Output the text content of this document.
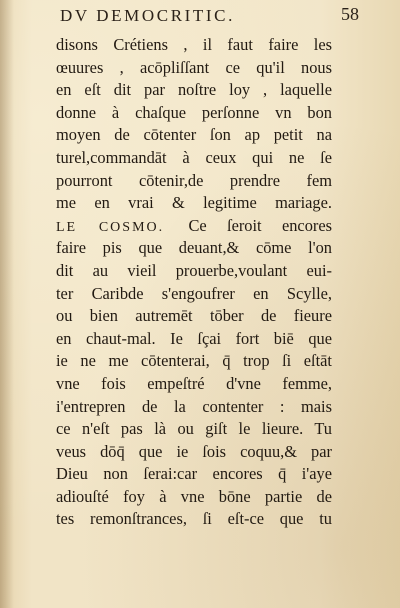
DV DEMOCRITIC.	58
disons Crétiens , il faut faire les
œuures , acōpliſſant ce qu'il nous
en eſt dit par noſtre loy , laquelle
donne à chaſque perſonne vn bon
moyen de cōtenter ſon ap petit na
turel,commandāt à ceux qui ne ſe
pourront cōtenir,de prendre fem
me en vrai & legitime mariage.
LE COSMO. Ce ſeroit encores
faire pis que deuant,& cōme l'on
dit au vieil prouerbe,voulant eui-
ter Caribde s'engoufrer en Scylle,
ou bien autremēt tōber de fieure
en chaut-mal. Ie ſçai fort biē que
ie ne me cōtenterai, q̄ trop ſi eſtāt
vne fois empeſtré d'vne femme,
i'entrepren de la contenter : mais
ce n'eſt pas là ou giſt le lieure. Tu
veus dōq̄ que ie ſois coquu,& par
Dieu non ſerai:car encores q̄ i'aye
adiouſté foy à vne bōne partie de
tes remonſtrances, ſi eſt-ce que tu
